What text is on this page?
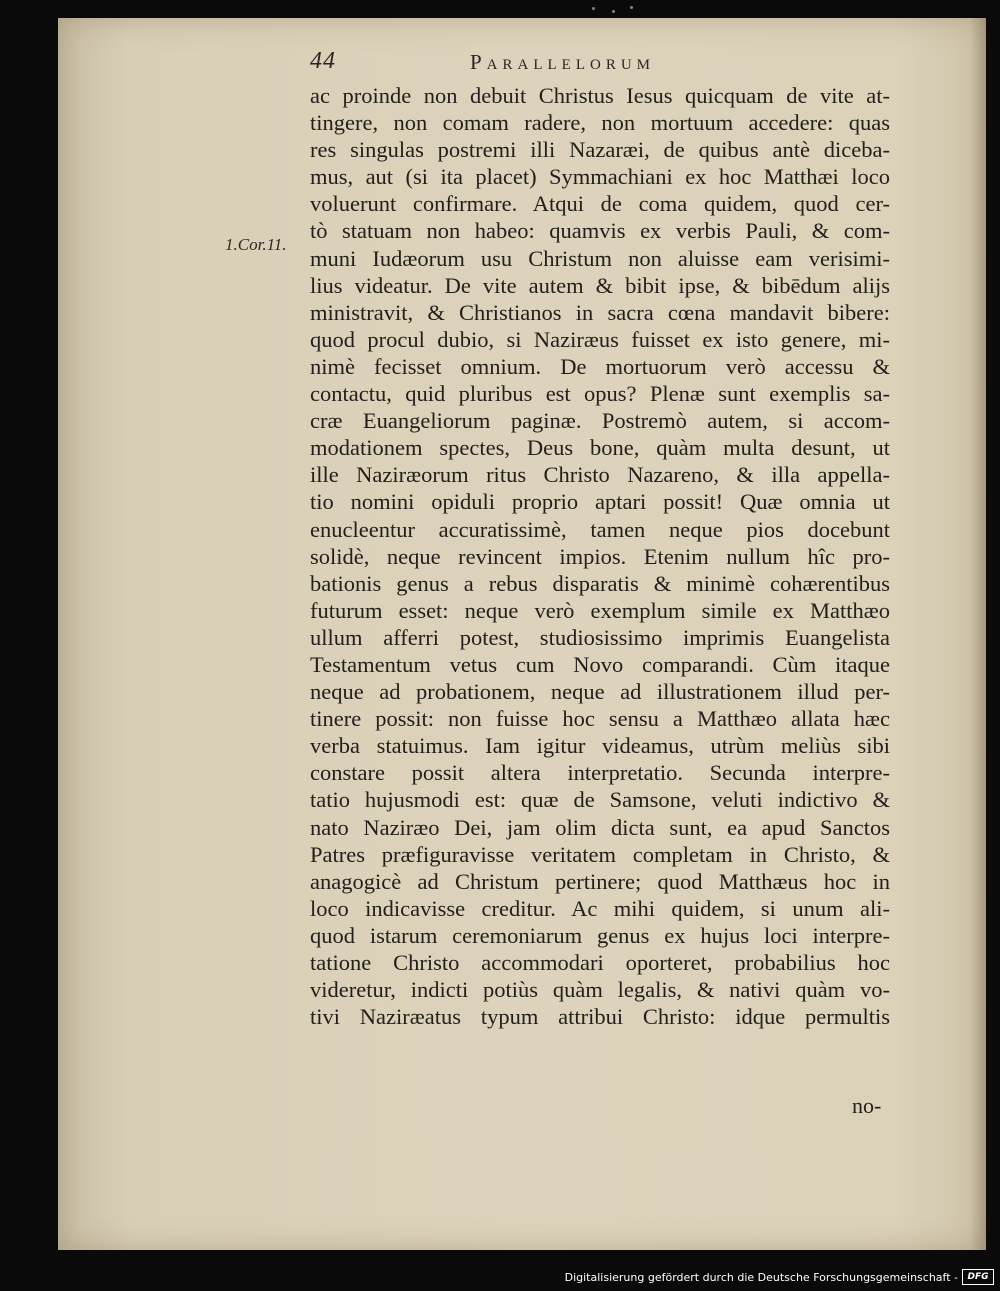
44	Parallelorum
1.Cor.11.
ac proinde non debuit Christus Iesus quicquam de vite at-
tingere, non comam radere, non mortuum accedere: quas
res singulas postremi illi Nazaræi, de quibus antè diceba-
mus, aut (si ita placet) Symmachiani ex hoc Matthæi loco
voluerunt confirmare. Atqui de coma quidem, quod cer-
tò statuam non habeo: quamvis ex verbis Pauli, & com-
muni Iudæorum usu Christum non aluisse eam verisimi-
lius videatur. De vite autem & bibit ipse, & bibēdum alijs
ministravit, & Christianos in sacra cœna mandavit bibere:
quod procul dubio, si Naziræus fuisset ex isto genere, mi-
nimè fecisset omnium. De mortuorum verò accessu &
contactu, quid pluribus est opus? Plenæ sunt exemplis sa-
cræ Euangeliorum paginæ. Postremò autem, si accom-
modationem spectes, Deus bone, quàm multa desunt, ut
ille Naziræorum ritus Christo Nazareno, & illa appella-
tio nomini opiduli proprio aptari possit! Quæ omnia ut
enucleentur accuratissimè, tamen neque pios docebunt
solidè, neque revincent impios. Etenim nullum hîc pro-
bationis genus a rebus disparatis & minimè cohærentibus
futurum esset: neque verò exemplum simile ex Matthæo
ullum afferri potest, studiosissimo imprimis Euangelista
Testamentum vetus cum Novo comparandi. Cùm itaque
neque ad probationem, neque ad illustrationem illud per-
tinere possit: non fuisse hoc sensu a Matthæo allata hæc
verba statuimus. Iam igitur videamus, utrùm meliùs sibi
constare possit altera interpretatio. Secunda interpre-
tatio hujusmodi est: quæ de Samsone, veluti indictivo &
nato Naziræo Dei, jam olim dicta sunt, ea apud Sanctos
Patres præfiguravisse veritatem completam in Christo, &
anagogicè ad Christum pertinere; quod Matthæus hoc in
loco indicavisse creditur. Ac mihi quidem, si unum ali-
quod istarum ceremoniarum genus ex hujus loci interpre-
tatione Christo accommodari oporteret, probabilius hoc
videretur, indicti potiùs quàm legalis, & nativi quàm vo-
tivi Naziræatus typum attribui Christo: idque permultis
no-
Digitalisierung gefördert durch die Deutsche Forschungsgemeinschaft -	DFG
